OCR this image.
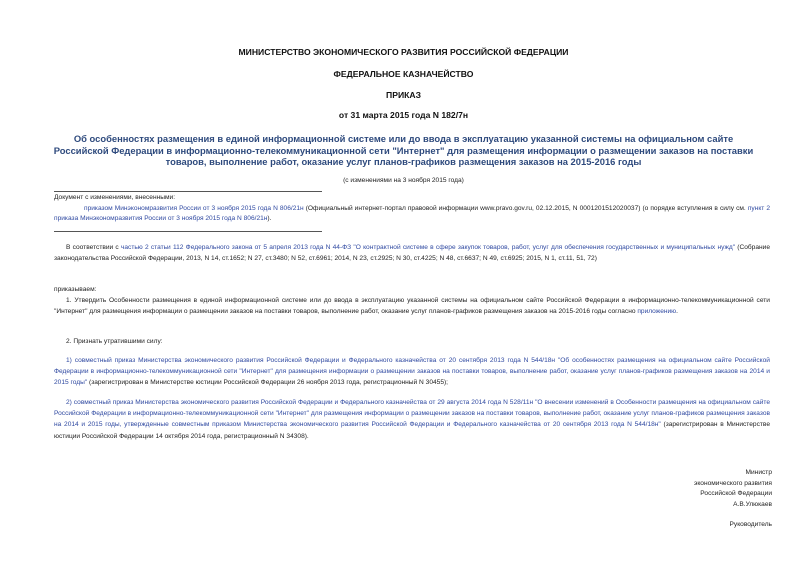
МИНИСТЕРСТВО ЭКОНОМИЧЕСКОГО РАЗВИТИЯ РОССИЙСКОЙ ФЕДЕРАЦИИ
ФЕДЕРАЛЬНОЕ КАЗНАЧЕЙСТВО
ПРИКАЗ
от 31 марта 2015 года N 182/7н
Об особенностях размещения в единой информационной системе или до ввода в эксплуатацию указанной системы на официальном сайте Российской Федерации в информационно-телекоммуникационной сети "Интернет" для размещения информации о размещении заказов на поставки товаров, выполнение работ, оказание услуг планов-графиков размещения заказов на 2015-2016 годы
(с изменениями на 3 ноября 2015 года)
Документ с изменениями, внесенными:
приказом Минэкономразвития России от 3 ноября 2015 года N 806/21н (Официальный интернет-портал правовой информации www.pravo.gov.ru, 02.12.2015, N 0001201512020037) (о порядке вступления в силу см. пункт 2 приказа Минэкономразвития России от 3 ноября 2015 года N 806/21н).
В соответствии с частью 2 статьи 112 Федерального закона от 5 апреля 2013 года N 44-ФЗ "О контрактной системе в сфере закупок товаров, работ, услуг для обеспечения государственных и муниципальных нужд" (Собрание законодательства Российской Федерации, 2013, N 14, ст.1652; N 27, ст.3480; N 52, ст.6961; 2014, N 23, ст.2925; N 30, ст.4225; N 48, ст.6637; N 49, ст.6925; 2015, N 1, ст.11, 51, 72)
приказываем:
1. Утвердить Особенности размещения в единой информационной системе или до ввода в эксплуатацию указанной системы на официальном сайте Российской Федерации в информационно-телекоммуникационной сети "Интернет" для размещения информации о размещении заказов на поставки товаров, выполнение работ, оказание услуг планов-графиков размещения заказов на 2015-2016 годы согласно приложению.
2. Признать утратившими силу:
1) совместный приказ Министерства экономического развития Российской Федерации и Федерального казначейства от 20 сентября 2013 года N 544/18н "Об особенностях размещения на официальном сайте Российской Федерации в информационно-телекоммуникационной сети "Интернет" для размещения информации о размещении заказов на поставки товаров, выполнение работ, оказание услуг планов-графиков размещения заказов на 2014 и 2015 годы" (зарегистрирован в Министерстве юстиции Российской Федерации 26 ноября 2013 года, регистрационный N 30455);
2) совместный приказ Министерства экономического развития Российской Федерации и Федерального казначейства от 29 августа 2014 года N 528/11н "О внесении изменений в Особенности размещения на официальном сайте Российской Федерации в информационно-телекоммуникационной сети "Интернет" для размещения информации о размещении заказов на поставки товаров, выполнение работ, оказание услуг планов-графиков размещения заказов на 2014 и 2015 годы, утвержденные совместным приказом Министерства экономического развития Российской Федерации и Федерального казначейства от 20 сентября 2013 года N 544/18н" (зарегистрирован в Министерстве юстиции Российской Федерации 14 октября 2014 года, регистрационный N 34308).
Министр
экономического развития
Российской Федерации
А.В.Улюкаев
Руководитель
